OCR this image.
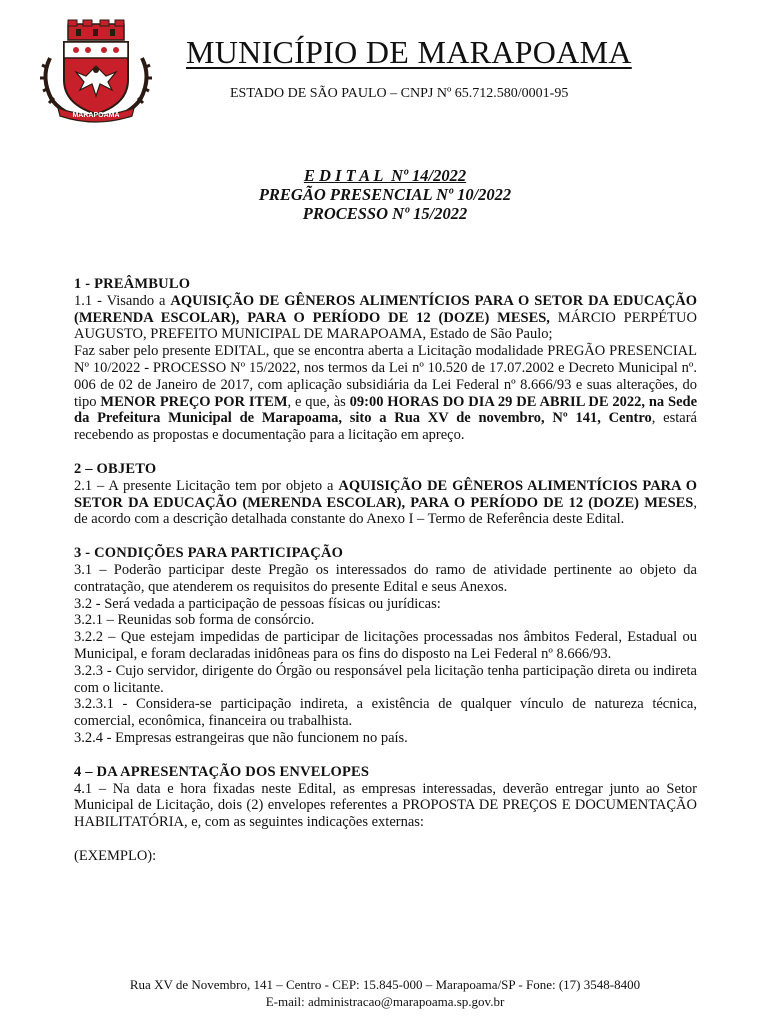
MARAPOAMA
MUNICÍPIO DE MARAPOAMA
ESTADO DE SÃO PAULO – CNPJ Nº 65.712.580/0001-95
E D I T A L  Nº 14/2022
PREGÃO PRESENCIAL Nº 10/2022
PROCESSO Nº 15/2022

1 - PREÂMBULO

1.1 - Visando a AQUISIÇÃO DE GÊNEROS ALIMENTÍCIOS PARA O SETOR DA EDUCAÇÃO (MERENDA ESCOLAR), PARA O PERÍODO DE 12 (DOZE) MESES, MÁRCIO PERPÉTUO AUGUSTO, PREFEITO MUNICIPAL DE MARAPOAMA, Estado de São Paulo;

Faz saber pelo presente EDITAL, que se encontra aberta a Licitação modalidade PREGÃO PRESENCIAL Nº 10/2022 - PROCESSO Nº 15/2022, nos termos da Lei nº 10.520 de 17.07.2002 e Decreto Municipal nº. 006 de 02 de Janeiro de 2017, com aplicação subsidiária da Lei Federal nº 8.666/93 e suas alterações, do tipo MENOR PREÇO POR ITEM, e que, às 09:00 HORAS DO DIA 29 DE ABRIL DE 2022, na Sede da Prefeitura Municipal de Marapoama, sito a Rua XV de novembro, Nº 141, Centro, estará recebendo as propostas e documentação para a licitação em apreço.

2 – OBJETO

2.1 – A presente Licitação tem por objeto a AQUISIÇÃO DE GÊNEROS ALIMENTÍCIOS PARA O SETOR DA EDUCAÇÃO (MERENDA ESCOLAR), PARA O PERÍODO DE 12 (DOZE) MESES, de acordo com a descrição detalhada constante do Anexo I – Termo de Referência deste Edital.

3 - CONDIÇÕES PARA PARTICIPAÇÃO

3.1 – Poderão participar deste Pregão os interessados do ramo de atividade pertinente ao objeto da contratação, que atenderem os requisitos do presente Edital e seus Anexos.

3.2 - Será vedada a participação de pessoas físicas ou jurídicas:

3.2.1 – Reunidas sob forma de consórcio.

3.2.2 – Que estejam impedidas de participar de licitações processadas nos âmbitos Federal, Estadual ou Municipal, e foram declaradas inidôneas para os fins do disposto na Lei Federal nº 8.666/93.

3.2.3 - Cujo servidor, dirigente do Órgão ou responsável pela licitação tenha participação direta ou indireta com o licitante.

3.2.3.1 - Considera-se participação indireta, a existência de qualquer vínculo de natureza técnica, comercial, econômica, financeira ou trabalhista.

3.2.4 - Empresas estrangeiras que não funcionem no país.

4 – DA APRESENTAÇÃO DOS ENVELOPES

4.1 – Na data e hora fixadas neste Edital, as empresas interessadas, deverão entregar junto ao Setor Municipal de Licitação, dois (2) envelopes referentes a PROPOSTA DE PREÇOS E DOCUMENTAÇÃO HABILITATÓRIA, e, com as seguintes indicações externas:

(EXEMPLO):

Rua XV de Novembro, 141 – Centro - CEP: 15.845-000 – Marapoama/SP - Fone: (17) 3548-8400
E-mail: administracao@marapoama.sp.gov.br
